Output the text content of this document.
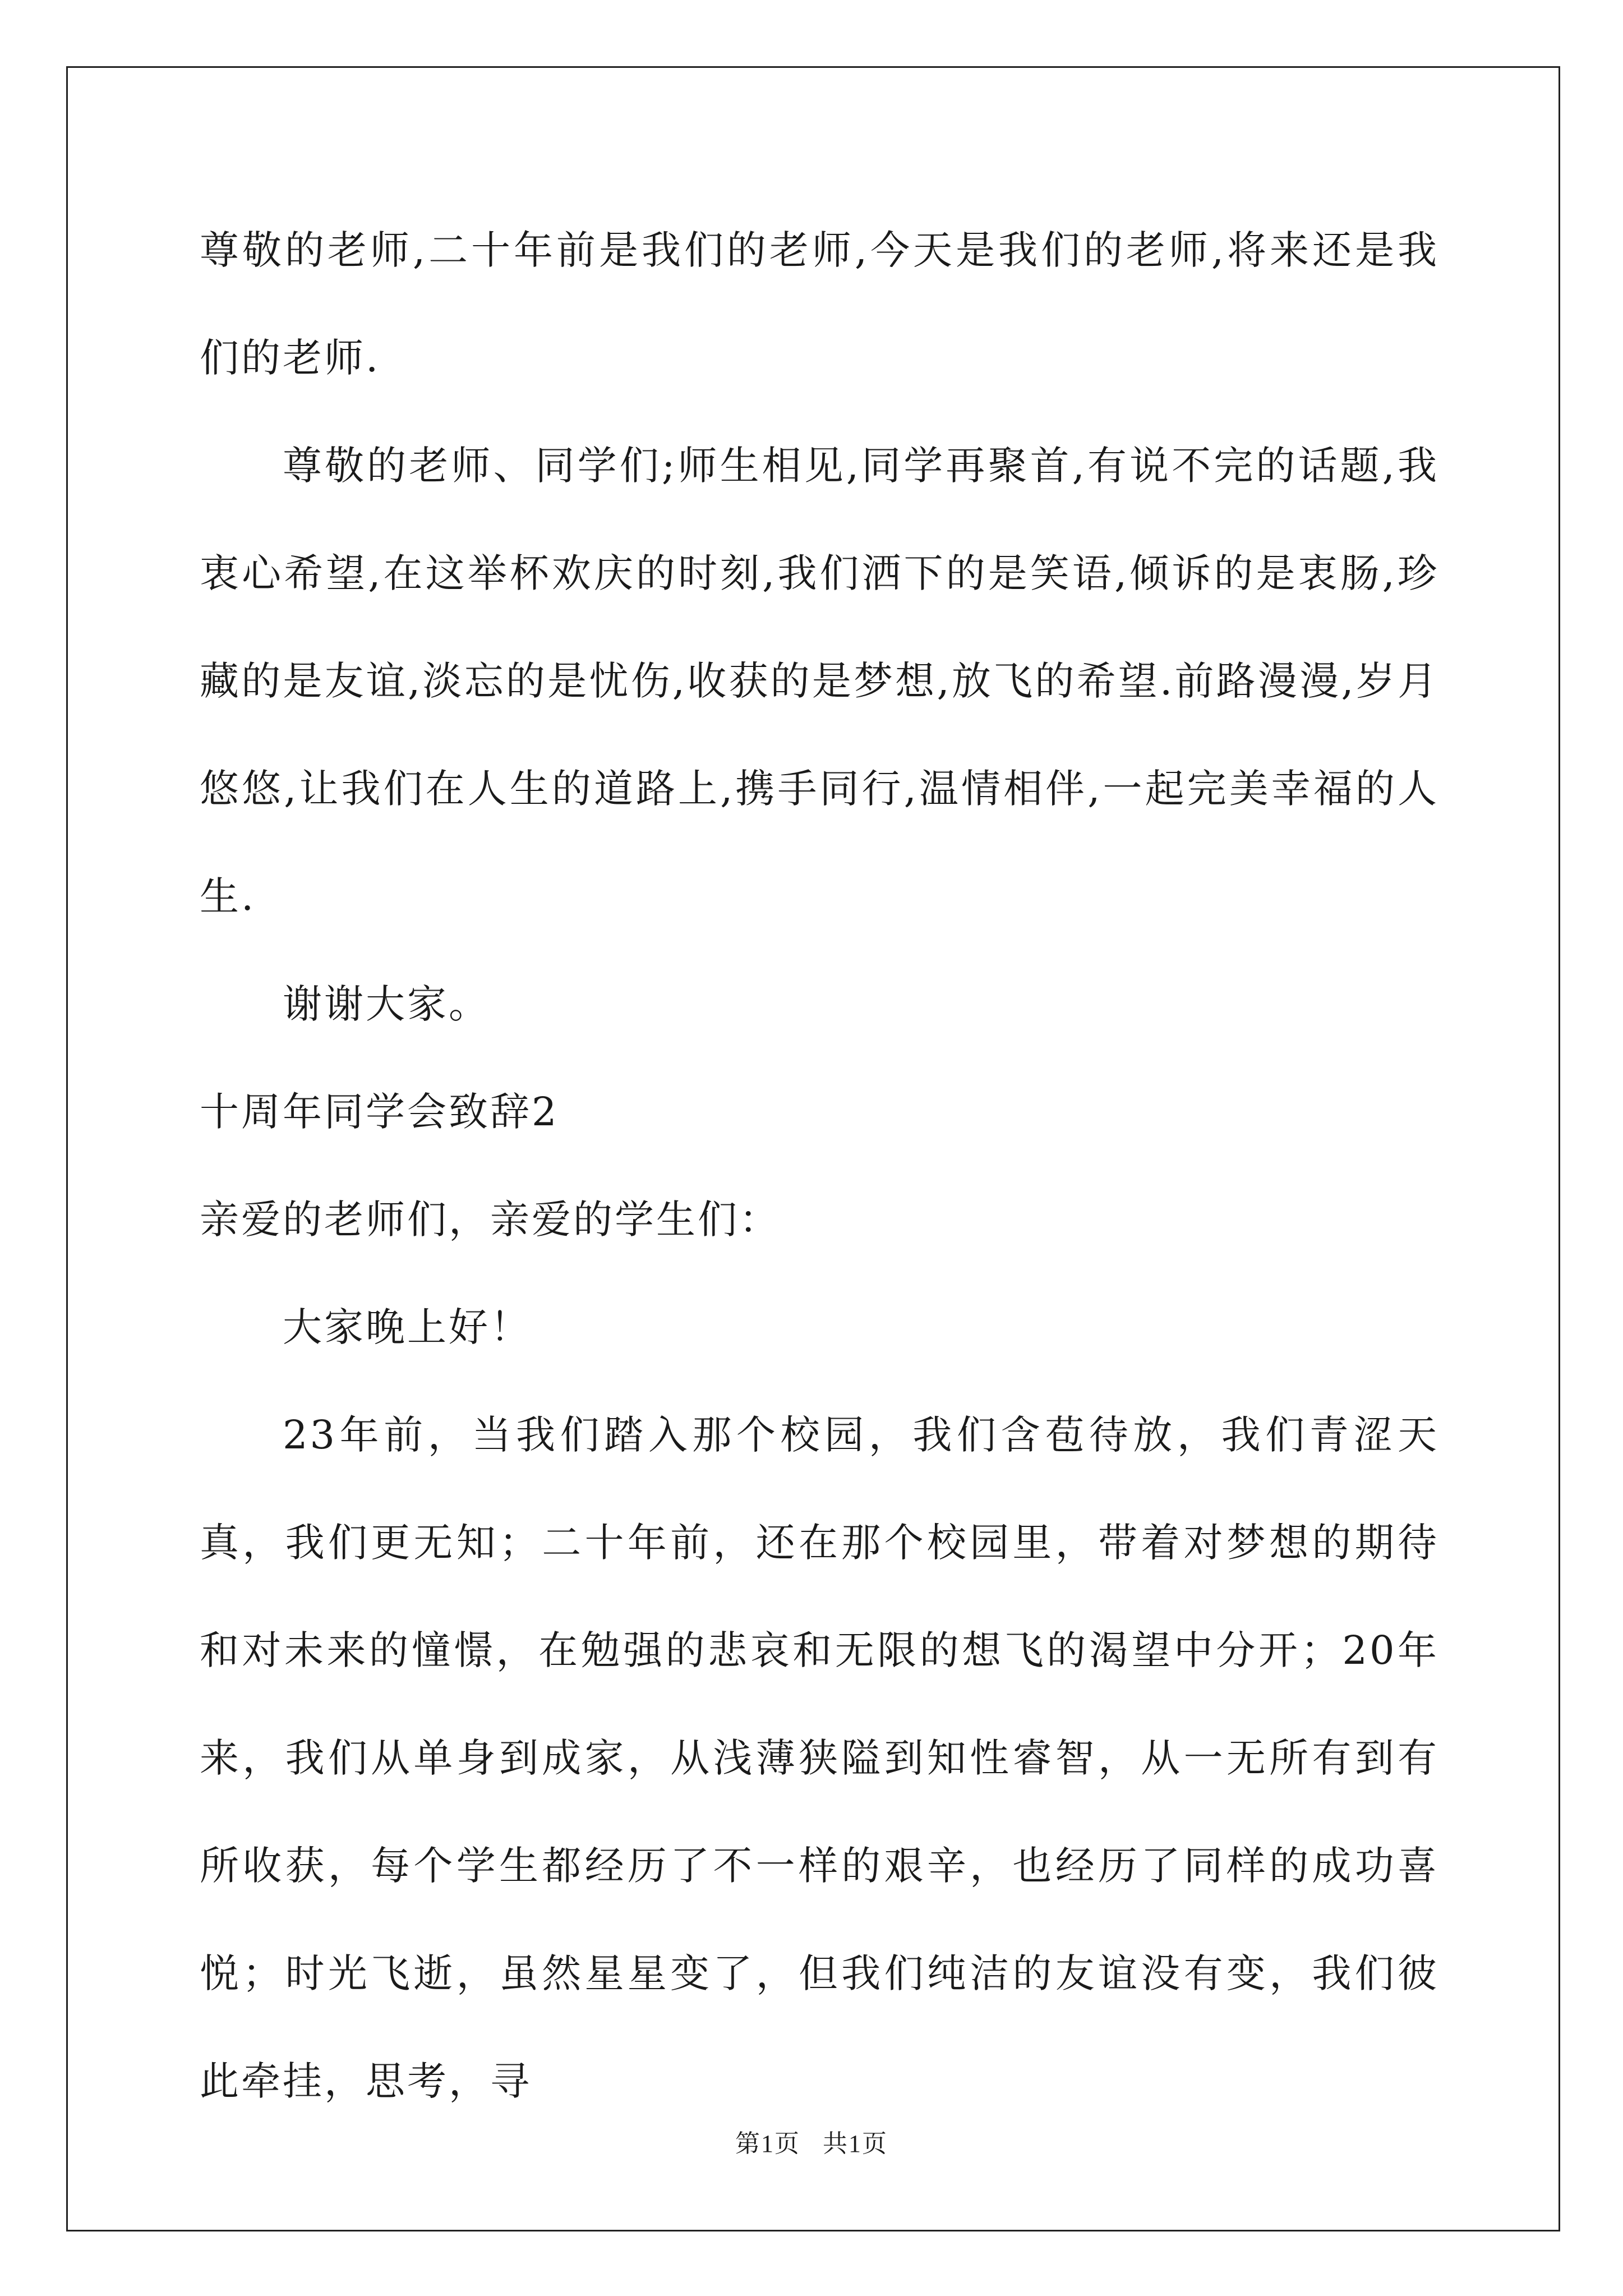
尊敬的老师,二十年前是我们的老师,今天是我们的老师,将来还是我们的老师.

尊敬的老师、同学们;师生相见,同学再聚首,有说不完的话题,我衷心希望,在这举杯欢庆的时刻,我们洒下的是笑语,倾诉的是衷肠,珍藏的是友谊,淡忘的是忧伤,收获的是梦想,放飞的希望.前路漫漫,岁月悠悠,让我们在人生的道路上,携手同行,温情相伴,一起完美幸福的人生.

谢谢大家。

十周年同学会致辞2

亲爱的老师们，亲爱的学生们：

大家晚上好！

23年前，当我们踏入那个校园，我们含苞待放，我们青涩天真，我们更无知；二十年前，还在那个校园里，带着对梦想的期待和对未来的憧憬，在勉强的悲哀和无限的想飞的渴望中分开；20年来，我们从单身到成家，从浅薄狭隘到知性睿智，从一无所有到有所收获，每个学生都经历了不一样的艰辛，也经历了同样的成功喜悦；时光飞逝，虽然星星变了，但我们纯洁的友谊没有变，我们彼此牵挂，思考，寻

第1页 共1页
